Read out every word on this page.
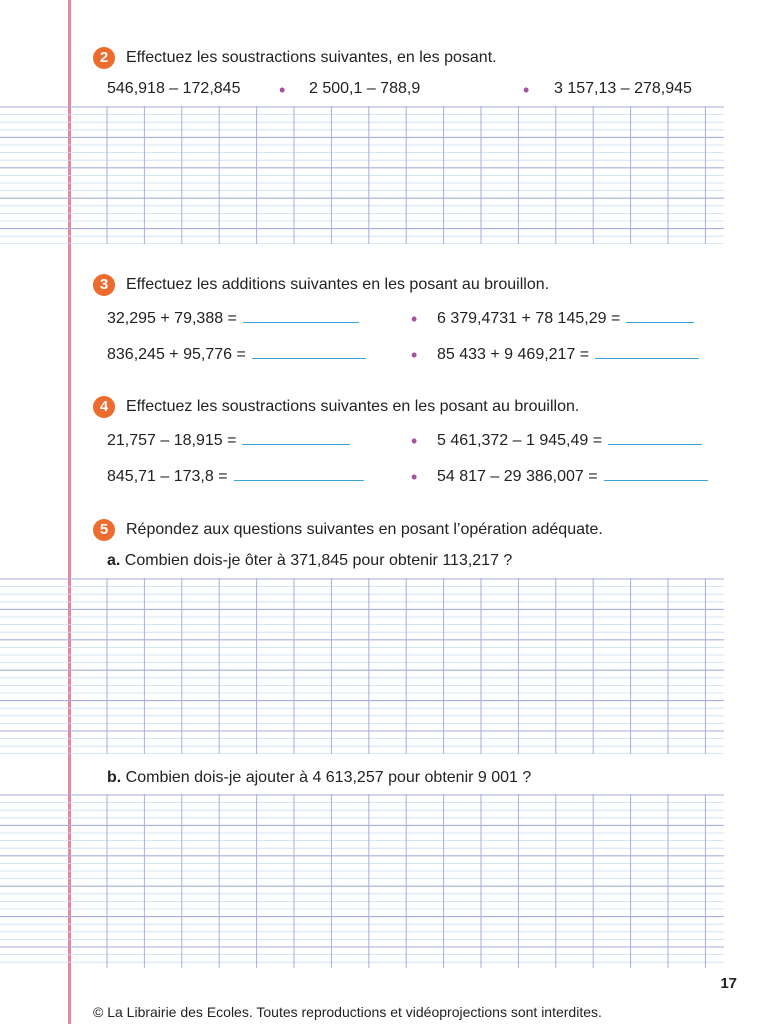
2	Effectuez les soustractions suivantes, en les posant.
546,918 – 172,845 • 2 500,1 – 788,9	• 3 157,13 – 278,945
3	Effectuez les additions suivantes en les posant au brouillon.
32,295 + 79,388 =	• 6 379,4731 + 78 145,29 =
836,245 + 95,776 =	• 85 433 + 9 469,217 =
4	Effectuez les soustractions suivantes en les posant au brouillon.
21,757 – 18,915 =	• 5 461,372 – 1 945,49 =
845,71 – 173,8 =	• 54 817 – 29 386,007 =
5	Répondez aux questions suivantes en posant l’opération adéquate.
a. Combien dois-je ôter à 371,845 pour obtenir 113,217 ?
b. Combien dois-je ajouter à 4 613,257 pour obtenir 9 001 ?
17
© La Librairie des Ecoles. Toutes reproductions et vidéoprojections sont interdites.
